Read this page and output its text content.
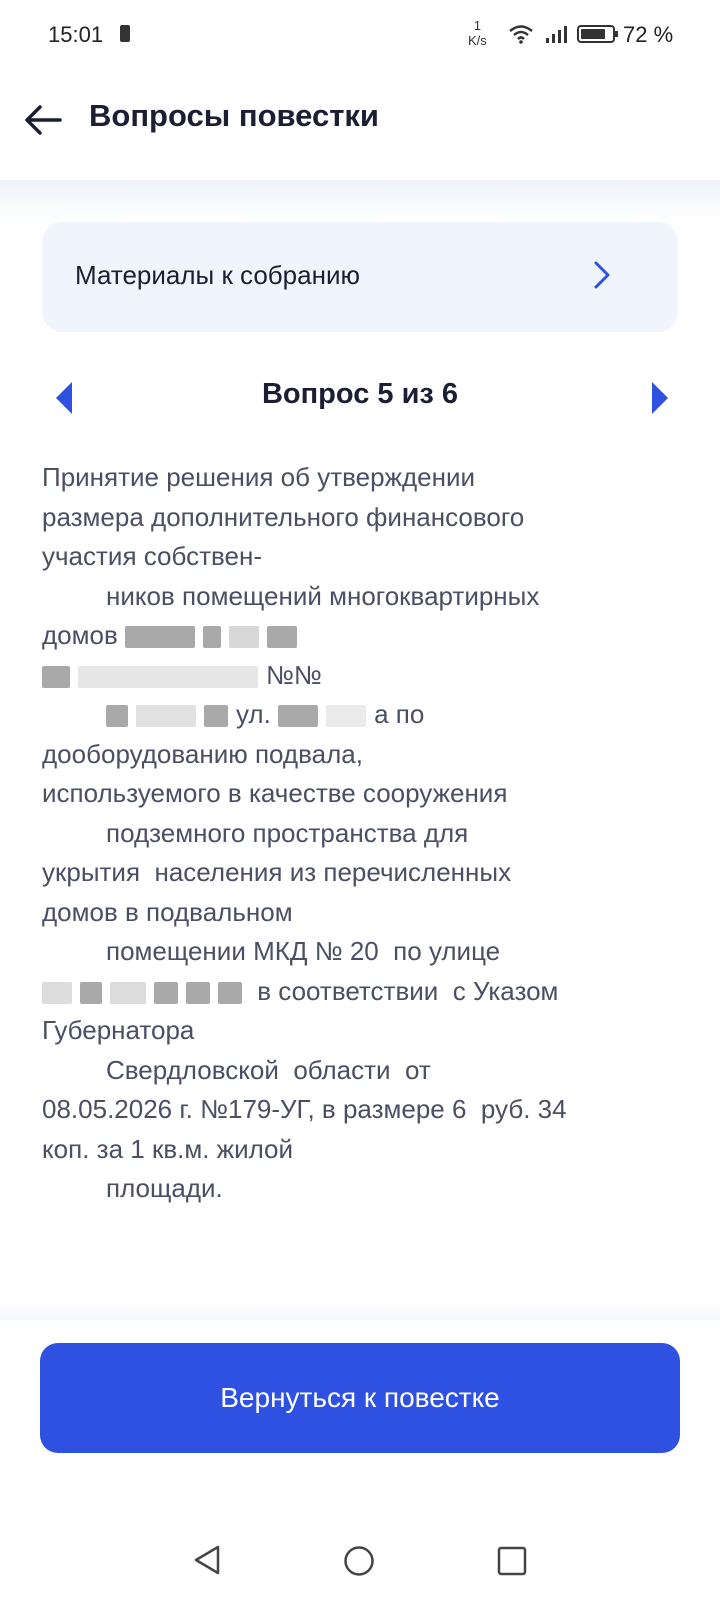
15:01	1
K/s	72 %
Вопросы повестки
Материалы к собранию
Вопрос 5 из 6
Принятие решения об утверждении
размера дополнительного финансового
участия собствен-
ников помещений многоквартирных
домов
№№
ул.	а по
дооборудованию подвала,
используемого в качестве сооружения
подземного пространства для
укрытия  населения из перечисленных
домов в подвальном
помещении МКД № 20  по улице
в соответствии  с Указом
Губернатора
Свердловской  области  от
08.05.2026 г. №179-УГ, в размере 6  руб. 34
коп. за 1 кв.м. жилой
площади.
Вернуться к повестке
